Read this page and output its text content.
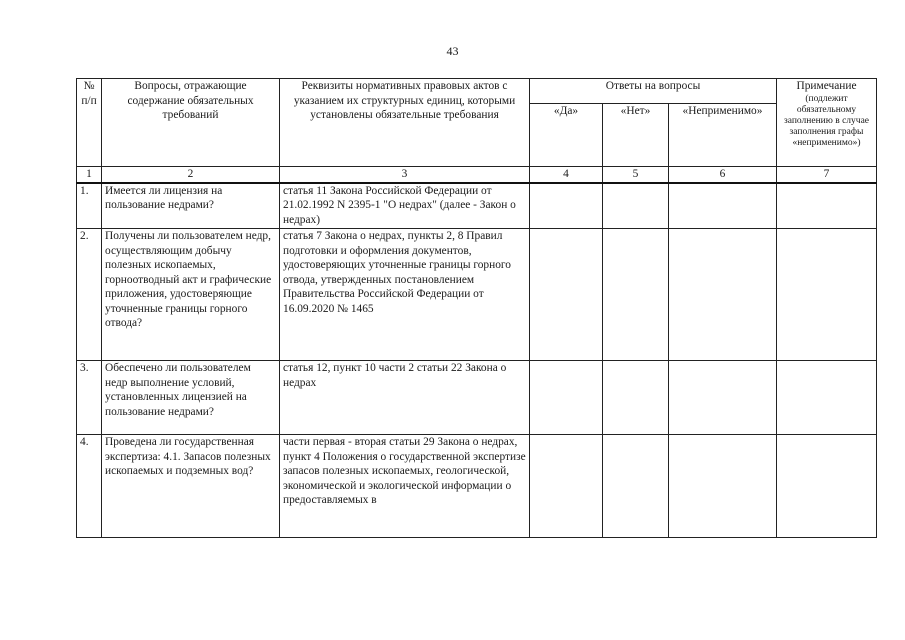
43
№ п/п	Вопросы, отражающие содержание обязательных требований	Реквизиты нормативных правовых актов с указанием их структурных единиц, которыми установлены обязательные требования	Ответы на вопросы			Примечание
(подлежит обязательному заполнению в случае заполнения графы «неприменимо»)

			«Да»	«Нет»	«Неприменимо»	
1	2	3	4	5	6	7
1.	Имеется ли лицензия на пользование недрами?	статья 11 Закона Российской Федерации от 21.02.1992 N 2395-1 "О недрах" (далее - Закон о недрах)				
2.	Получены ли пользователем недр, осуществляющим добычу полезных ископаемых, горноотводный акт и графические приложения, удостоверяющие уточненные границы горного отвода?	статья 7 Закона о недрах, пункты 2, 8 Правил подготовки и оформления документов, удостоверяющих уточненные границы горного отвода, утвержденных постановлением Правительства Российской Федерации от 16.09.2020 № 1465				
3.	Обеспечено ли пользователем недр выполнение условий, установленных лицензией на пользование недрами?	статья 12, пункт 10 части 2 статьи 22 Закона о недрах				
4.	Проведена ли государственная экспертиза: 4.1. Запасов полезных ископаемых и подземных вод?	части первая - вторая статьи 29 Закона о недрах, пункт 4 Положения о государственной экспертизе запасов полезных ископаемых, геологической, экономической и экологической информации о предоставляемых в				
